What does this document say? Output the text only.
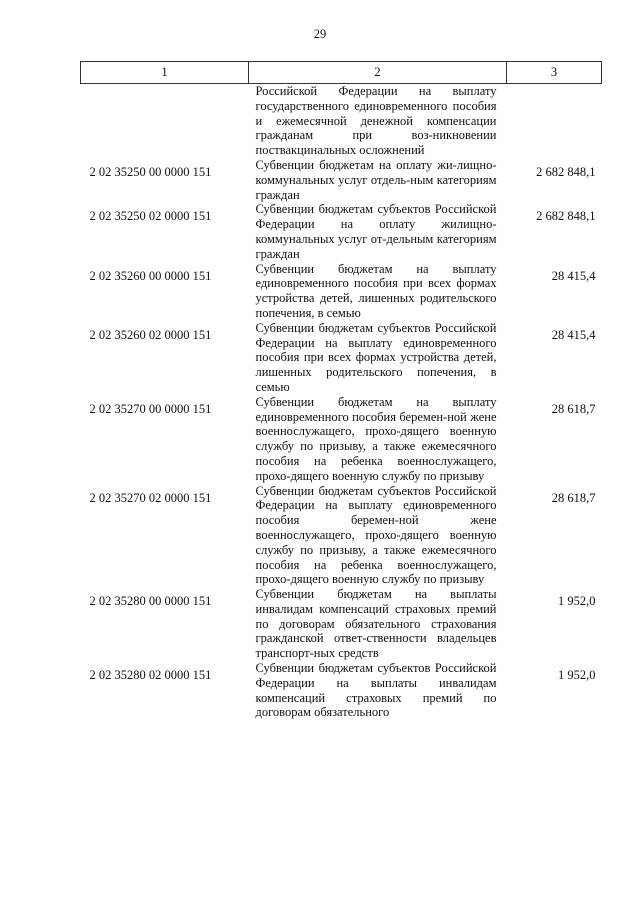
29
1	2	3
	Российской Федерации на выплату государственного единовременного пособия и ежемесячной денежной компенсации гражданам при воз-никновении поствакцинальных осложнений	
2 02 35250 00 0000 151	Субвенции бюджетам на оплату жи-лищно-коммунальных услуг отдель-ным категориям граждан	2 682 848,1
2 02 35250 02 0000 151	Субвенции бюджетам субъектов Российской Федерации на оплату жилищно-коммунальных услуг от-дельным категориям граждан	2 682 848,1
2 02 35260 00 0000 151	Субвенции бюджетам на выплату единовременного пособия при всех формах устройства детей, лишенных родительского попечения, в семью	28 415,4
2 02 35260 02 0000 151	Субвенции бюджетам субъектов Российской Федерации на выплату единовременного пособия при всех формах устройства детей, лишенных родительского попечения, в семью	28 415,4
2 02 35270 00 0000 151	Субвенции бюджетам на выплату единовременного пособия беремен-ной жене военнослужащего, прохо-дящего военную службу по призыву, а также ежемесячного пособия на ребенка военнослужащего, прохо-дящего военную службу по призыву	28 618,7
2 02 35270 02 0000 151	Субвенции бюджетам субъектов Российской Федерации на выплату единовременного пособия беремен-ной жене военнослужащего, прохо-дящего военную службу по призыву, а также ежемесячного пособия на ребенка военнослужащего, прохо-дящего военную службу по призыву	28 618,7
2 02 35280 00 0000 151	Субвенции бюджетам на выплаты инвалидам компенсаций страховых премий по договорам обязательного страхования гражданской ответ-ственности владельцев транспорт-ных средств	1 952,0
2 02 35280 02 0000 151	Субвенции бюджетам субъектов Российской Федерации на выплаты инвалидам компенсаций страховых премий по договорам обязательного	1 952,0
